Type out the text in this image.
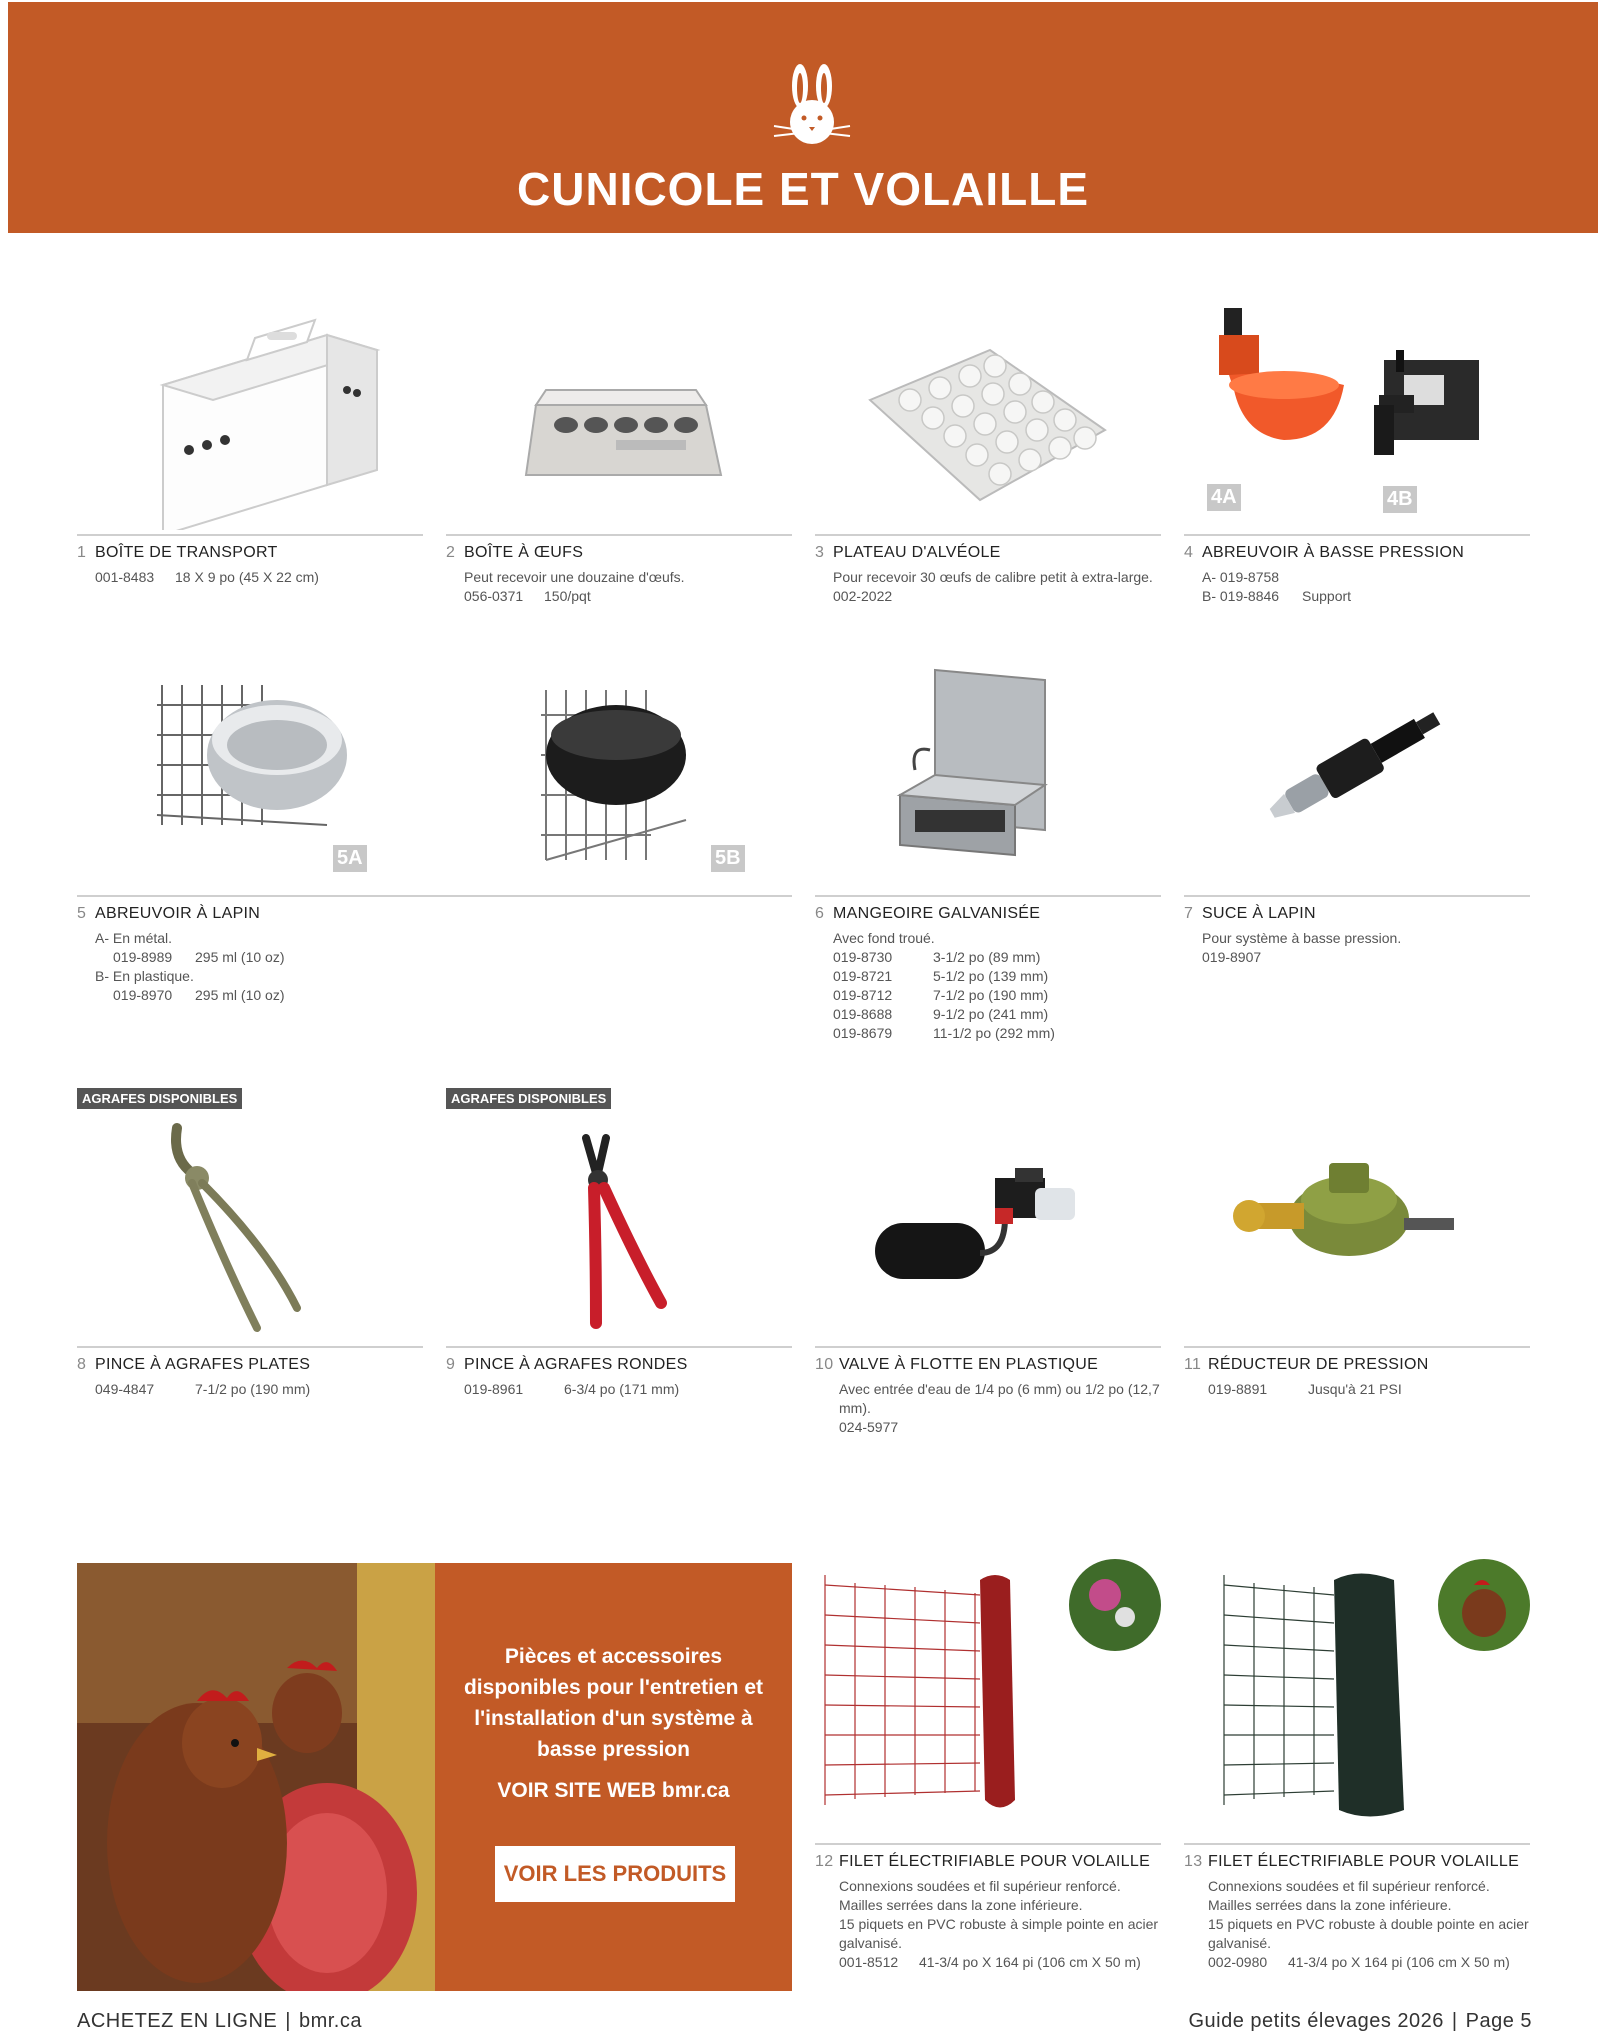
CUNICOLE ET VOLAILLE
1 BOÎTE DE TRANSPORT
001-8483	18 X 9 po (45 X 22 cm)
2 BOÎTE À ŒUFS
Peut recevoir une douzaine d'œufs.
056-0371	150/pqt
3 PLATEAU D'ALVÉOLE
Pour recevoir 30 œufs de calibre petit à extra-large.
002-2022
4A	4B
4 ABREUVOIR À BASSE PRESSION
A- 019-8758
B- 019-8846	Support
5A	5B
5 ABREUVOIR À LAPIN
A- En métal.
019-8989	295 ml (10 oz)
B- En plastique.
019-8970	295 ml (10 oz)
6 MANGEOIRE GALVANISÉE
Avec fond troué.
019-8730	3-1/2 po (89 mm)
019-8721	5-1/2 po (139 mm)
019-8712	7-1/2 po (190 mm)
019-8688	9-1/2 po (241 mm)
019-8679	11-1/2 po (292 mm)
7 SUCE À LAPIN
Pour système à basse pression.
019-8907
AGRAFES DISPONIBLES
8 PINCE À AGRAFES PLATES
049-4847	7-1/2 po (190 mm)
AGRAFES DISPONIBLES
9 PINCE À AGRAFES RONDES
019-8961	6-3/4 po (171 mm)
10 VALVE À FLOTTE EN PLASTIQUE
Avec entrée d'eau de 1/4 po (6 mm) ou 1/2 po (12,7 mm).
024-5977
11 RÉDUCTEUR DE PRESSION
019-8891	Jusqu'à 21 PSI

Pièces et accessoires disponibles pour l'entretien et l'installation d'un système à basse pression

VOIR SITE WEB bmr.ca

VOIR LES PRODUITS	12 FILET ÉLECTRIFIABLE POUR VOLAILLE
Connexions soudées et fil supérieur renforcé. Mailles serrées dans la zone inférieure.
15 piquets en PVC robuste à simple pointe en acier galvanisé.
001-8512	41-3/4 po X 164 pi (106 cm X 50 m)
13 FILET ÉLECTRIFIABLE POUR VOLAILLE
Connexions soudées et fil supérieur renforcé. Mailles serrées dans la zone inférieure.
15 piquets en PVC robuste à double pointe en acier galvanisé.
002-0980	41-3/4 po X 164 pi (106 cm X 50 m)
ACHETEZ EN LIGNE | bmr.ca	Guide petits élevages 2026 | Page 5
